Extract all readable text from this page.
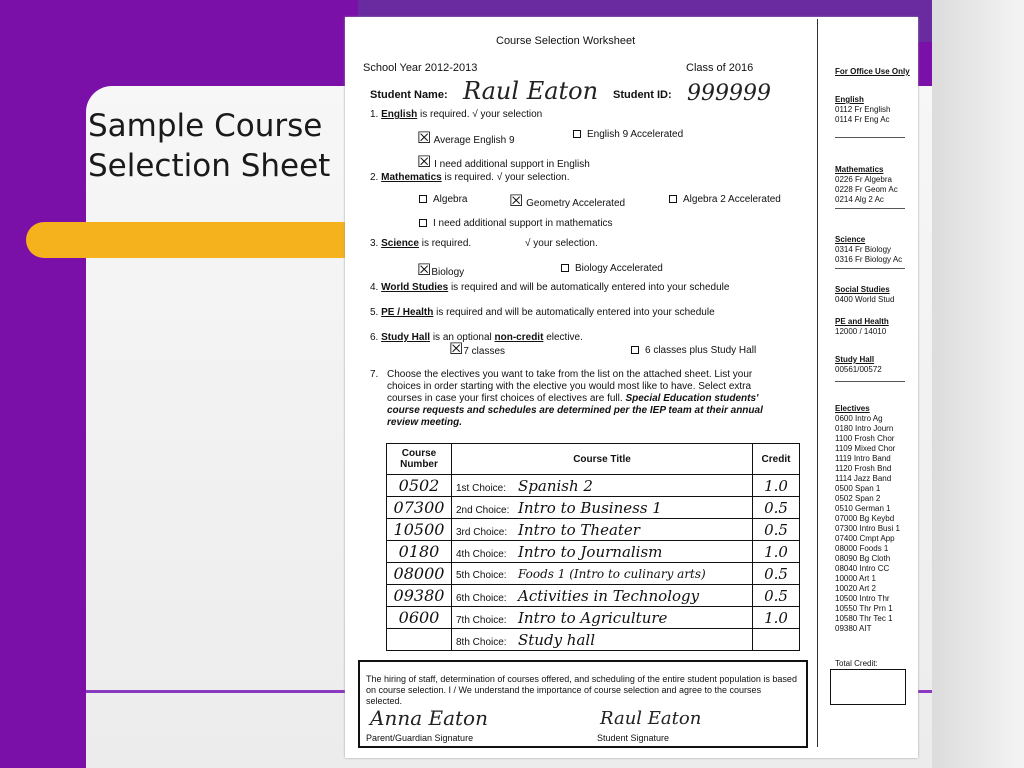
Sample Course
Selection Sheet
Course Selection Worksheet
School Year 2012-2013	Class of 2016
Student Name: Raul Eaton Student ID: 999999
1. English is required. √ your selection
☒ Average English 9
English 9 Accelerated
☒ I need additional support in English
2. Mathematics is required. √ your selection.
Algebra	☒ Geometry Accelerated	Algebra 2 Accelerated
I need additional support in mathematics
3. Science is required.	√ your selection.
☒Biology	Biology Accelerated
4. World Studies is required and will be automatically entered into your schedule
5. PE / Health is required and will be automatically entered into your schedule
6. Study Hall is an optional non-credit elective.
☒7 classes	6 classes plus Study Hall
7. Choose the electives you want to take from the list on the attached sheet. List your
choices in order starting with the elective you would most like to have. Select extra
courses in case your first choices of electives are full. Special Education students'
course requests and schedules are determined per the IEP team at their annual
review meeting.
Course Number	Course Title	Credit
0502	1st Choice: Spanish 2	1.0
07300	2nd Choice: Intro to Business 1	0.5
10500	3rd Choice: Intro to Theater	0.5
0180	4th Choice: Intro to Journalism	1.0
08000	5th Choice: Foods 1 (Intro to culinary arts)	0.5
09380	6th Choice: Activities in Technology	0.5
0600	7th Choice: Intro to Agriculture	1.0
	8th Choice: Study hall	
The hiring of staff, determination of courses offered, and scheduling of the entire student population is based on course selection. I / We understand the importance of course selection and agree to the courses selected.
Anna Eaton
Parent/Guardian Signature
Raul Eaton
Student Signature
For Office Use Only
English
0112 Fr English
0114 Fr Eng Ac
Mathematics
0226 Fr Algebra
0228 Fr Geom Ac
0214 Alg 2 Ac
Science
0314 Fr Biology
0316 Fr Biology Ac
Social Studies
0400 World Stud
PE and Health
12000 / 14010
Study Hall
00561/00572
Electives
0600 Intro Ag
0180 Intro Journ
1100 Frosh Chor
1109 Mixed Chor
1119 Intro Band
1120 Frosh Bnd
1114 Jazz Band
0500 Span 1
0502 Span 2
0510 German 1
07000 Bg Keybd
07300 Intro Busi 1
07400 Cmpt App
08000 Foods 1
08090 Bg Cloth
08040 Intro CC
10000 Art 1
10020 Art 2
10500 Intro Thr
10550 Thr Prn 1
10580 Thr Tec 1
09380 AIT
Total Credit:
